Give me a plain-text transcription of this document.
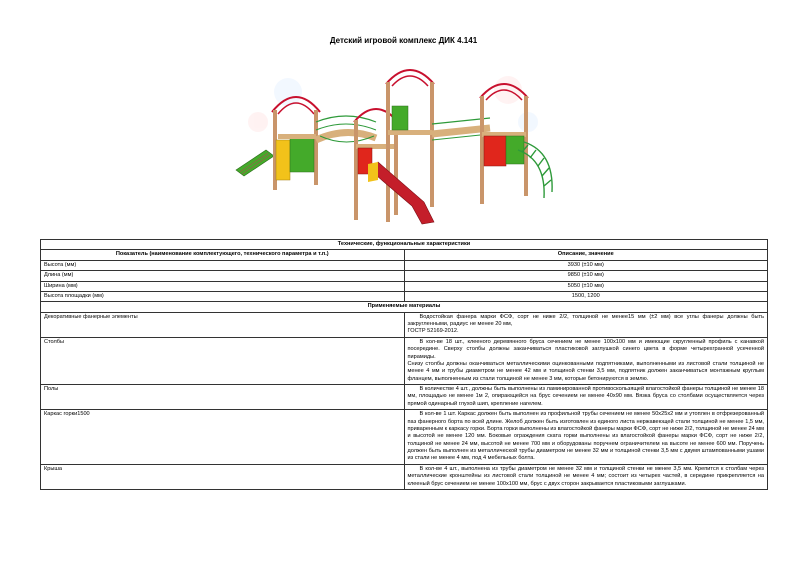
Детский игровой комплекс ДИК 4.141
Технические, функциональные характеристики	
Показатель (наименование комплектующего, технического параметра и т.п.)	Описание, значение
Высота (мм)	3930 (±10 мм)
Длина (мм)	9850 (±10 мм)
Ширина (мм)	5050 (±10 мм)
Высота площадки (мм)	1500, 1200
Применяемые материалы	
Декоративные фанерные элементы	Водостойкая фанера марки ФСФ, сорт не ниже 2/2, толщиной не менее15 мм (±2 мм) все углы фанеры должны быть закругленными, радиус не менее 20 мм,

ГОСТР 52169-2012.

Столбы	В кол-ве 18 шт., клееного деревянного бруса сечением не менее 100х100 мм и имеющие скругленный профиль с канавкой посередине. Сверху столбы должны заканчиваться пластиковой заглушкой синего цвета в форме четырехгранной усеченной пирамиды.

Снизу столбы должны оканчиваться металлическими оцинкованными подпятниками, выполненными из листовой стали толщиной не менее 4 мм и трубы диаметром не менее 42 мм и толщиной стенки 3,5 мм, подпятник должен заканчиваться монтажным круглым фланцем, выполненным из стали толщиной не менее 3 мм, которые бетонируются в землю.

Полы	В количестве 4 шт., должны быть выполнены из ламинированной противоскользящей влагостойкой фанеры толщиной не менее 18 мм, площадью не менее 1м 2, опирающейся на брус сечением не менее 40х90 мм. Вязка бруса со столбами осуществляется через прямой одинарный глухой шип, крепление нагелем.

Каркас горки1500	В кол-ве 1 шт. Каркас должен быть выполнен из профильной трубы сечением не менее 50х25х2 мм и утоплен в отфрезерованный паз фанерного борта по всей длине. Желоб должен быть изготовлен из единого листа нержавеющей стали толщиной не менее 1,5 мм, приваренным к каркасу горки. Борта горки выполнены из влагостойкой фанеры марки ФСФ, сорт не ниже 2/2, толщиной не менее 24 мм и высотой не менее 120 мм. Боковые ограждения ската горки выполнены из влагостойкой фанеры марки ФСФ, сорт не ниже 2/2, толщиной не менее 24 мм, высотой не менее 700 мм и оборудованы поручнем ограничителем на высоте не менее 600 мм. Поручень должен быть выполнен из металлической трубы диаметром не менее 32 мм и толщиной стенки 3,5 мм с двумя штампованными ушами из стали не менее 4 мм, под 4 мебельных болта.

Крыша	В кол-ве 4 шт., выполнена из трубы диаметром не менее 32 мм и толщиной стенки не менее 3,5 мм. Крепится к столбам через металлические кронштейны из листовой стали толщиной не менее 4 мм; состоит из четырех частей, в середине прикрепляется на клееный брус сечением не менее 100х100 мм, брус с двух сторон закрывается пластиковыми заглушками.
